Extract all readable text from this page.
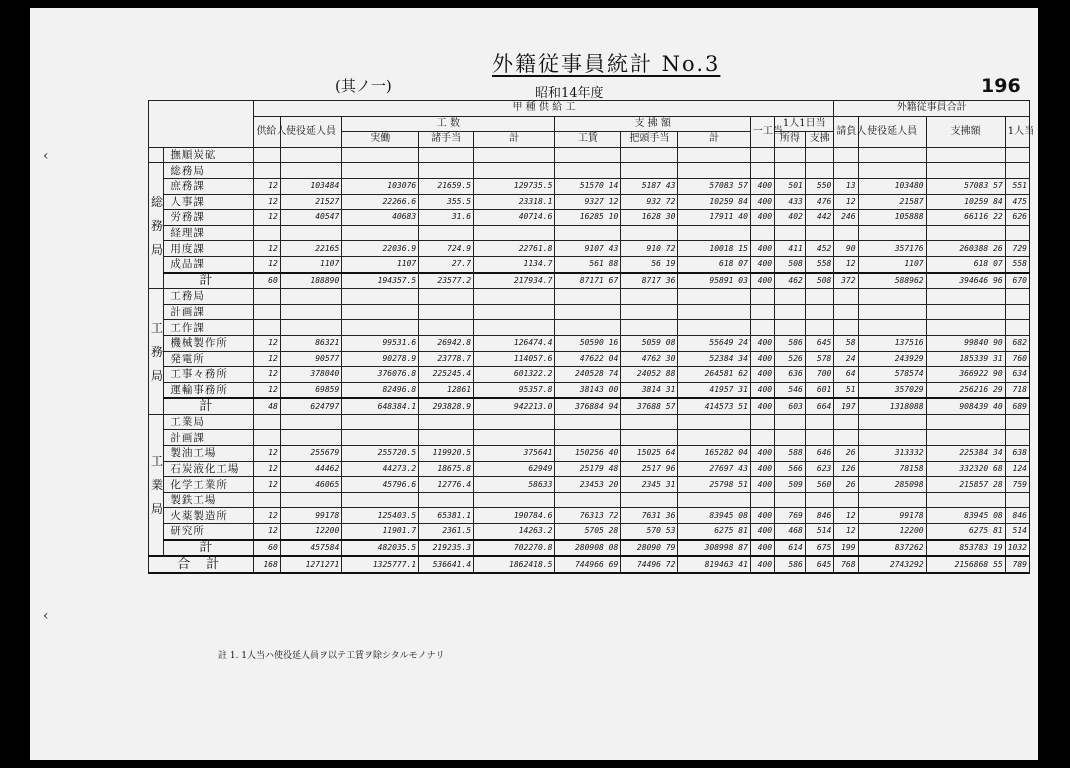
(其ノ一)
外籍従事員統計 No.3
昭和14年度	196
‹
‹
		甲 種 供 給 工											外籍従事員合計			
		供給人	使役延人員	工 数			支 拂 額			一工当	1人1日当		請負人	使役延人員	支拂額	1人当
				実働	諸手当	計	工賃	把頭手当	計		所得	支拂				
	撫順炭砿															
総務局	総務局															
	庶務課	12	103484	103076	21659.5	129735.5	51570 14	5187 43	57083 57	400	501	550	13	103480	57083 57	551
	人事課	12	21527	22266.6	355.5	23318.1	9327 12	932 72	10259 84	400	433	476	12	21587	10259 84	475
	労務課	12	40547	40683	31.6	40714.6	16285 10	1628 30	17911 40	400	402	442	246	105888	66116 22	626
	経理課															
	用度課	12	22165	22036.9	724.9	22761.8	9107 43	910 72	10018 15	400	411	452	90	357176	260388 26	729
	成品課	12	1107	1107	27.7	1134.7	561 88	56 19	618 07	400	508	558	12	1107	618 07	558
	計	60	188890	194357.5	23577.2	217934.7	87171 67	8717 36	95891 03	400	462	508	372	588962	394646 96	670
工務局	工務局															
	計画課															
	工作課															
	機械製作所	12	86321	99531.6	26942.8	126474.4	50590 16	5059 08	55649 24	400	586	645	58	137516	99840 90	682
	発電所	12	90577	90278.9	23778.7	114057.6	47622 04	4762 30	52384 34	400	526	578	24	243929	185339 31	760
	工事々務所	12	378040	376076.8	225245.4	601322.2	240528 74	24052 88	264581 62	400	636	700	64	578574	366922 90	634
	運輸事務所	12	69859	82496.8	12861	95357.8	38143 00	3814 31	41957 31	400	546	601	51	357029	256216 29	718
	計	48	624797	648384.1	293828.9	942213.0	376884 94	37688 57	414573 51	400	603	664	197	1318088	908439 40	689
工業局	工業局															
	計画課															
	製油工場	12	255679	255720.5	119920.5	375641	150256 40	15025 64	165282 04	400	588	646	26	313332	225384 34	638
	石炭液化工場	12	44462	44273.2	18675.8	62949	25179 48	2517 96	27697 43	400	566	623	126	78158	332320 68	124
	化学工業所	12	46065	45796.6	12776.4	58633	23453 20	2345 31	25798 51	400	509	560	26	285098	215857 28	759
	製鉄工場															
	火薬製造所	12	99178	125403.5	65381.1	190784.6	76313 72	7631 36	83945 08	400	769	846	12	99178	83945 08	846
	研究所	12	12200	11901.7	2361.5	14263.2	5705 28	570 53	6275 81	400	468	514	12	12200	6275 81	514
	計	60	457584	482035.5	219235.3	702270.8	280908 08	28090 79	308998 87	400	614	675	199	837262	853783 19	1032
合 計		168	1271271	1325777.1	536641.4	1862418.5	744966 69	74496 72	819463 41	400	586	645	768	2743292	2156868 55	789
註 1. 1人当ハ使役延人員ヲ以テ工賃ヲ除シタルモノナリ
